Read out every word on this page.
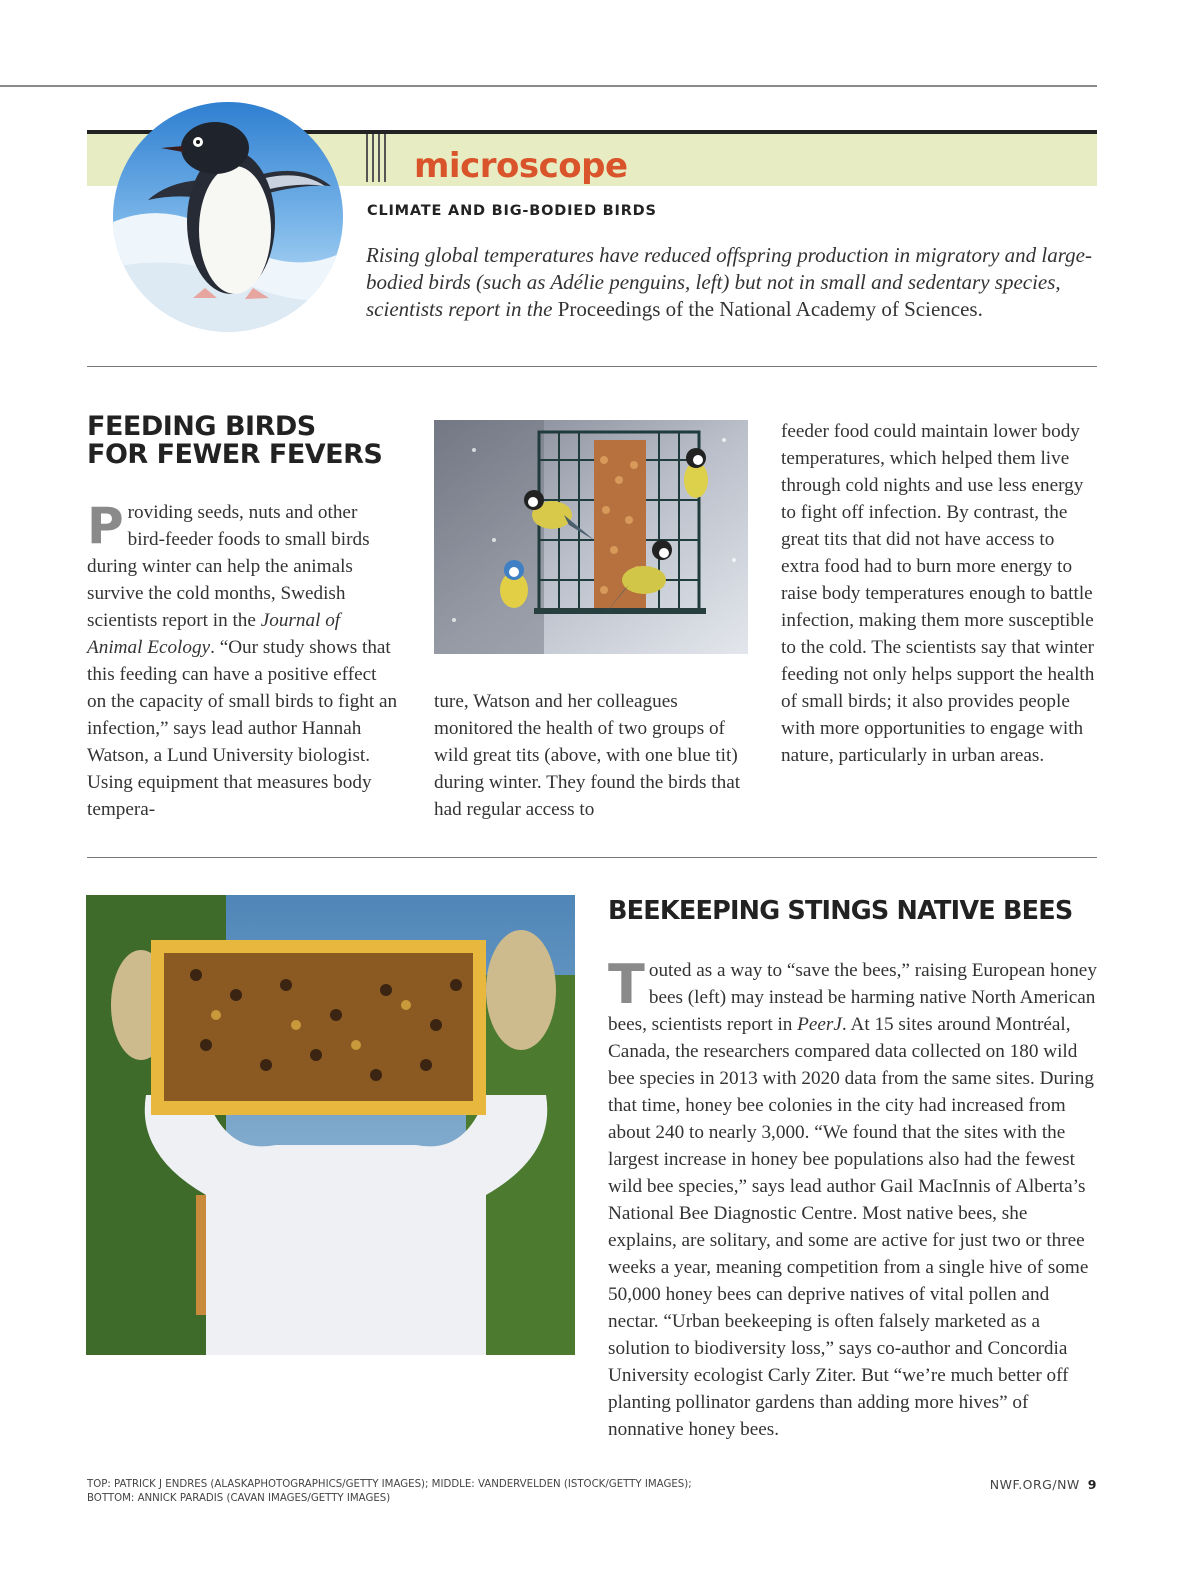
microscope
CLIMATE AND BIG-BODIED BIRDS
Rising global temperatures have reduced offspring production in migratory and large-bodied birds (such as Adélie penguins, left) but not in small and sedentary species, scientists report in the Proceedings of the National Academy of Sciences.
FEEDING BIRDS
FOR FEWER FEVERS

Providing seeds, nuts and other bird-feeder foods to small birds during winter can help the animals survive the cold months, Swedish scientists report in the Journal of Animal Ecology. “Our study shows that this feeding can have a positive effect on the capacity of small birds to fight an infection,” says lead author Hannah Watson, a Lund University biologist. Using equipment that measures body tempera-

ture, Watson and her colleagues monitored the health of two groups of wild great tits (above, with one blue tit) during winter. They found the birds that had regular access to

feeder food could maintain lower body temperatures, which helped them live through cold nights and use less energy to fight off infection. By contrast, the great tits that did not have access to extra food had to burn more energy to raise body temperatures enough to battle infection, making them more susceptible to the cold. The scientists say that winter feeding not only helps support the health of small birds; it also provides people with more opportunities to engage with nature, particularly in urban areas.

BEEKEEPING STINGS NATIVE BEES

Touted as a way to “save the bees,” raising European honey bees (left) may instead be harming native North American bees, scientists report in PeerJ. At 15 sites around Montréal, Canada, the researchers compared data collected on 180 wild bee species in 2013 with 2020 data from the same sites. During that time, honey bee colonies in the city had increased from about 240 to nearly 3,000. “We found that the sites with the largest increase in honey bee populations also had the fewest wild bee species,” says lead author Gail MacInnis of Alberta’s National Bee Diagnostic Centre. Most native bees, she explains, are solitary, and some are active for just two or three weeks a year, meaning competition from a single hive of some 50,000 honey bees can deprive natives of vital pollen and nectar. “Urban beekeeping is often falsely marketed as a solution to biodiversity loss,” says co-author and Concordia University ecologist Carly Ziter. But “we’re much better off planting pollinator gardens than adding more hives” of nonnative honey bees.

TOP: PATRICK J ENDRES (ALASKAPHOTOGRAPHICS/GETTY IMAGES); MIDDLE: VANDERVELDEN (ISTOCK/GETTY IMAGES);
BOTTOM: ANNICK PARADIS (CAVAN IMAGES/GETTY IMAGES)
NWF.ORG/NW 9
